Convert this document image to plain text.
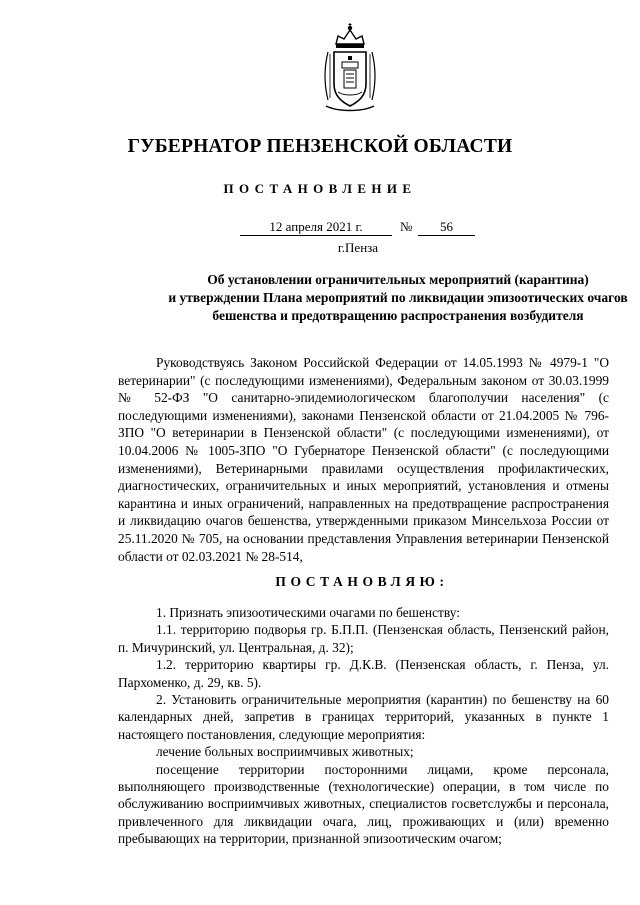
ГУБЕРНАТОР ПЕНЗЕНСКОЙ ОБЛАСТИ
ПОСТАНОВЛЕНИЕ
12 апреля 2021 г.	№	56
г.Пенза
Об установлении ограничительных мероприятий (карантина)
и утверждении Плана мероприятий по ликвидации эпизоотических очагов
бешенства и предотвращению распространения возбудителя

Руководствуясь Законом Российской Федерации от 14.05.1993 № 4979-1 "О ветеринарии" (с последующими изменениями), Федеральным законом от 30.03.1999 № 52-ФЗ "О санитарно-эпидемиологическом благополучии населения" (с последующими изменениями), законами Пензенской области от 21.04.2005 № 796-ЗПО "О ветеринарии в Пензенской области" (с последующими изменениями), от 10.04.2006 № 1005-ЗПО "О Губернаторе Пензенской области" (с последующими изменениями), Ветеринарными правилами осуществления профилактических, диагностических, ограничительных и иных мероприятий, установления и отмены карантина и иных ограничений, направленных на предотвращение распространения и ликвидацию очагов бешенства, утвержденными приказом Минсельхоза России от 25.11.2020 № 705, на основании представления Управления ветеринарии Пензенской области от 02.03.2021 № 28-514,

ПОСТАНОВЛЯЮ:

1. Признать эпизоотическими очагами по бешенству:

1.1. территорию подворья гр. Б.П.П. (Пензенская область, Пензенский район, п. Мичуринский, ул. Центральная, д. 32);

1.2. территорию квартиры гр. Д.К.В. (Пензенская область, г. Пенза, ул. Пархоменко, д. 29, кв. 5).

2. Установить ограничительные мероприятия (карантин) по бешенству на 60 календарных дней, запретив в границах территорий, указанных в пункте 1 настоящего постановления, следующие мероприятия:

лечение больных восприимчивых животных;

посещение территории посторонними лицами, кроме персонала, выполняющего производственные (технологические) операции, в том числе по обслуживанию восприимчивых животных, специалистов госветслужбы и персонала, привлеченного для ликвидации очага, лиц, проживающих и (или) временно пребывающих на территории, признанной эпизоотическим очагом;
